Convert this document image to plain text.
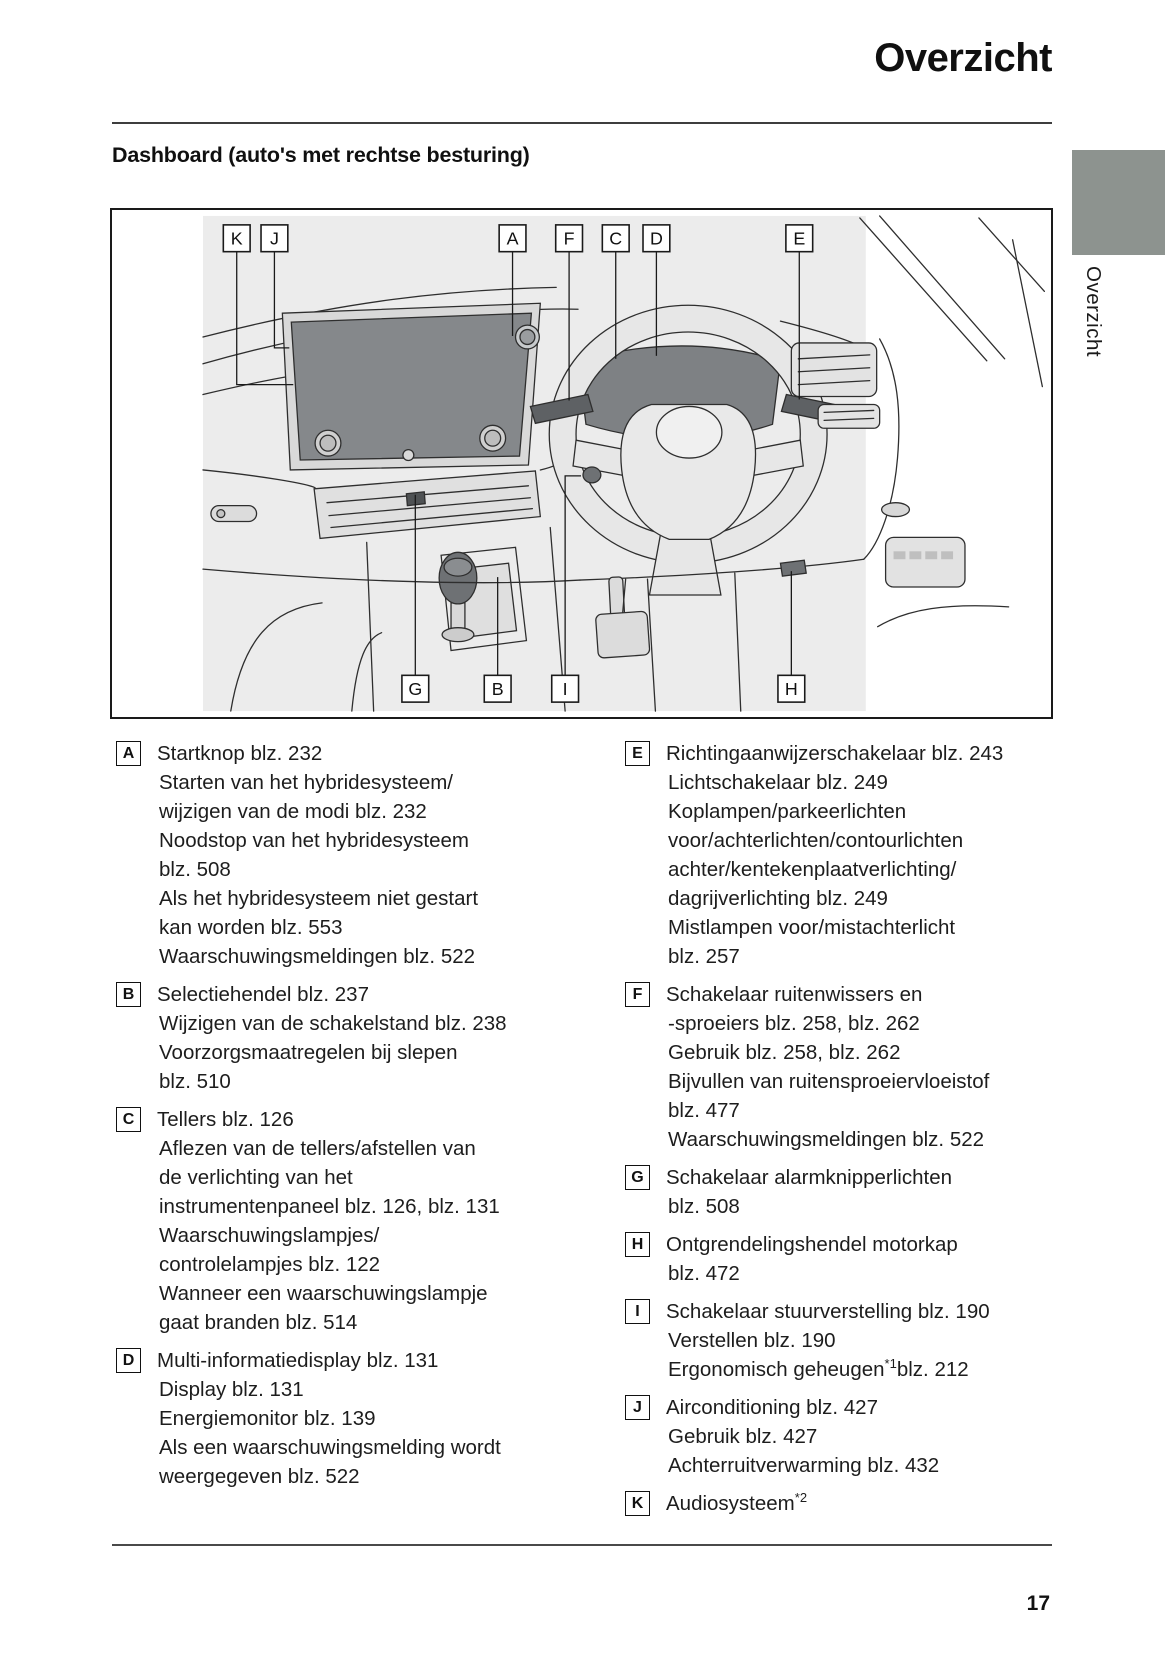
Overzicht
Dashboard (auto's met rechtse besturing)
Overzicht
K J	A	F C D	E
G	B	I	H
A	Startknop blz. 232
Starten van het hybridesysteem/
wijzigen van de modi blz. 232
Noodstop van het hybridesysteem
blz. 508
Als het hybridesysteem niet gestart
kan worden blz. 553
Waarschuwingsmeldingen blz. 522
B	Selectiehendel blz. 237
Wijzigen van de schakelstand blz. 238
Voorzorgsmaatregelen bij slepen
blz. 510
C	Tellers blz. 126
Aflezen van de tellers/afstellen van
de verlichting van het
instrumentenpaneel blz. 126, blz. 131
Waarschuwingslampjes/
controlelampjes blz. 122
Wanneer een waarschuwingslampje
gaat branden blz. 514
D	Multi-informatiedisplay blz. 131
Display blz. 131
Energiemonitor blz. 139
Als een waarschuwingsmelding wordt
weergegeven blz. 522
E	Richtingaanwijzerschakelaar blz. 243
Lichtschakelaar blz. 249
Koplampen/parkeerlichten
voor/achterlichten/contourlichten
achter/kentekenplaatverlichting/
dagrijverlichting blz. 249
Mistlampen voor/mistachterlicht
blz. 257
F	Schakelaar ruitenwissers en
-sproeiers blz. 258, blz. 262
Gebruik blz. 258, blz. 262
Bijvullen van ruitensproeiervloeistof
blz. 477
Waarschuwingsmeldingen blz. 522
G	Schakelaar alarmknipperlichten
blz. 508
H	Ontgrendelingshendel motorkap
blz. 472
I	Schakelaar stuurverstelling blz. 190
Verstellen blz. 190
Ergonomisch geheugen$^{*1}$blz. 212
J	Airconditioning blz. 427
Gebruik blz. 427
Achterruitverwarming blz. 432
K	Audiosysteem$^{*2}$
17
